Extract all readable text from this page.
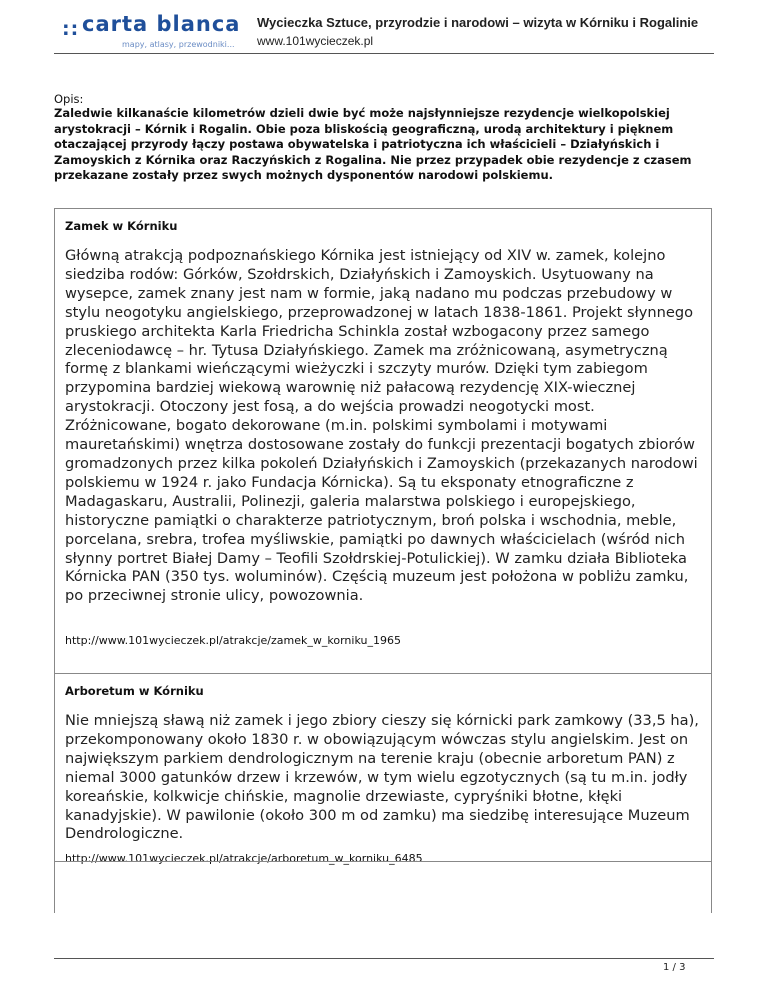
:: carta blanca
mapy, atlasy, przewodniki...
Wycieczka Sztuce, przyrodzie i narodowi – wizyta w Kórniku i Rogalinie
www.101wycieczek.pl
Opis:
Zaledwie kilkanaście kilometrów dzieli dwie być może najsłynniejsze rezydencje wielkopolskiej arystokracji – Kórnik i Rogalin. Obie poza bliskością geograficzną, urodą architektury i pięknem otaczającej przyrody łączy postawa obywatelska i patriotyczna ich właścicieli – Działyńskich i Zamoyskich z Kórnika oraz Raczyńskich z Rogalina. Nie przez przypadek obie rezydencje z czasem przekazane zostały przez swych możnych dysponentów narodowi polskiemu.
Zamek w Kórniku
Główną atrakcją podpoznańskiego Kórnika jest istniejący od XIV w. zamek, kolejno siedziba rodów: Górków, Szołdrskich, Działyńskich i Zamoyskich. Usytuowany na wysepce, zamek znany jest nam w formie, jaką nadano mu podczas przebudowy w stylu neogotyku angielskiego, przeprowadzonej w latach 1838-1861. Projekt słynnego pruskiego architekta Karla Friedricha Schinkla został wzbogacony przez samego zleceniodawcę – hr. Tytusa Działyńskiego. Zamek ma zróżnicowaną, asymetryczną formę z blankami wieńczącymi wieżyczki i szczyty murów. Dzięki tym zabiegom przypomina bardziej wiekową warownię niż pałacową rezydencję XIX-wiecznej arystokracji. Otoczony jest fosą, a do wejścia prowadzi neogotycki most. Zróżnicowane, bogato dekorowane (m.in. polskimi symbolami i motywami mauretańskimi) wnętrza dostosowane zostały do funkcji prezentacji bogatych zbiorów gromadzonych przez kilka pokoleń Działyńskich i Zamoyskich (przekazanych narodowi polskiemu w 1924 r. jako Fundacja Kórnicka). Są tu eksponaty etnograficzne z Madagaskaru, Australii, Polinezji, galeria malarstwa polskiego i europejskiego, historyczne pamiątki o charakterze patriotycznym, broń polska i wschodnia, meble, porcelana, srebra, trofea myśliwskie, pamiątki po dawnych właścicielach (wśród nich słynny portret Białej Damy – Teofili Szołdrskiej-Potulickiej). W zamku działa Biblioteka Kórnicka PAN (350 tys. woluminów). Częścią muzeum jest położona w pobliżu zamku, po przeciwnej stronie ulicy, powozownia.
http://www.101wycieczek.pl/atrakcje/zamek_w_korniku_1965
Arboretum w Kórniku
Nie mniejszą sławą niż zamek i jego zbiory cieszy się kórnicki park zamkowy (33,5 ha), przekomponowany około 1830 r. w obowiązującym wówczas stylu angielskim. Jest on największym parkiem dendrologicznym na terenie kraju (obecnie arboretum PAN) z niemal 3000 gatunków drzew i krzewów, w tym wielu egzotycznych (są tu m.in. jodły koreańskie, kolkwicje chińskie, magnolie drzewiaste, cypryśniki błotne, kłęki kanadyjskie). W pawilonie (około 300 m od zamku) ma siedzibę interesujące Muzeum Dendrologiczne.
http://www.101wycieczek.pl/atrakcje/arboretum_w_korniku_6485
1 / 3
